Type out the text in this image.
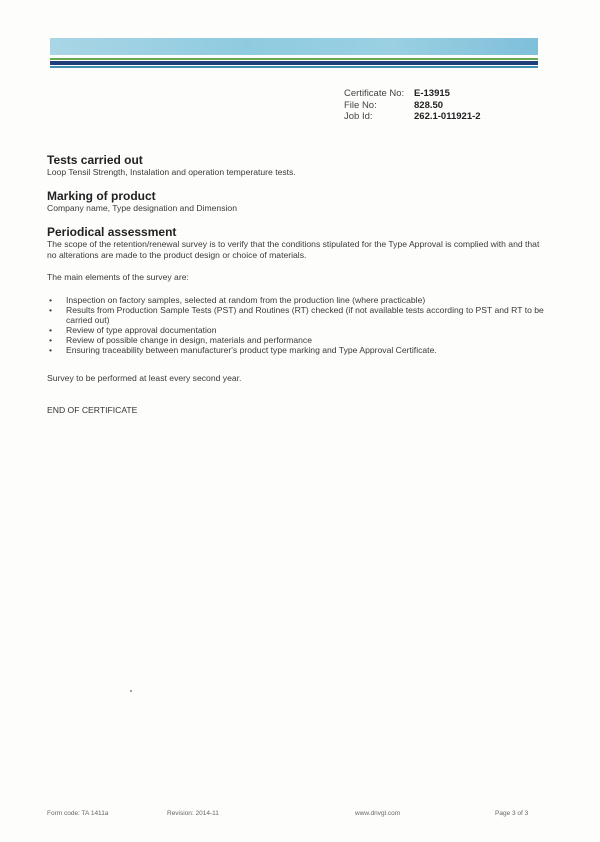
Certificate No:	E-13915
File No:	828.50
Job Id:	262.1-011921-2
Tests carried out

Loop Tensil Strength, Instalation and operation temperature tests.

Marking of product

Company name, Type designation and Dimension

Periodical assessment

The scope of the retention/renewal survey is to verify that the conditions stipulated for the Type Approval is complied with and that no alterations are made to the product design or choice of materials.

The main elements of the survey are:

• Inspection on factory samples, selected at random from the production line (where practicable)
• Results from Production Sample Tests (PST) and Routines (RT) checked (if not available tests according to PST and RT to be carried out)
• Review of type approval documentation
• Review of possible change in design, materials and performance
• Ensuring traceability between manufacturer's product type marking and Type Approval Certificate.

Survey to be performed at least every second year.

END OF CERTIFICATE
Form code: TA 1411a	Revision: 2014-11	www.dnvgl.com	Page 3 of 3
